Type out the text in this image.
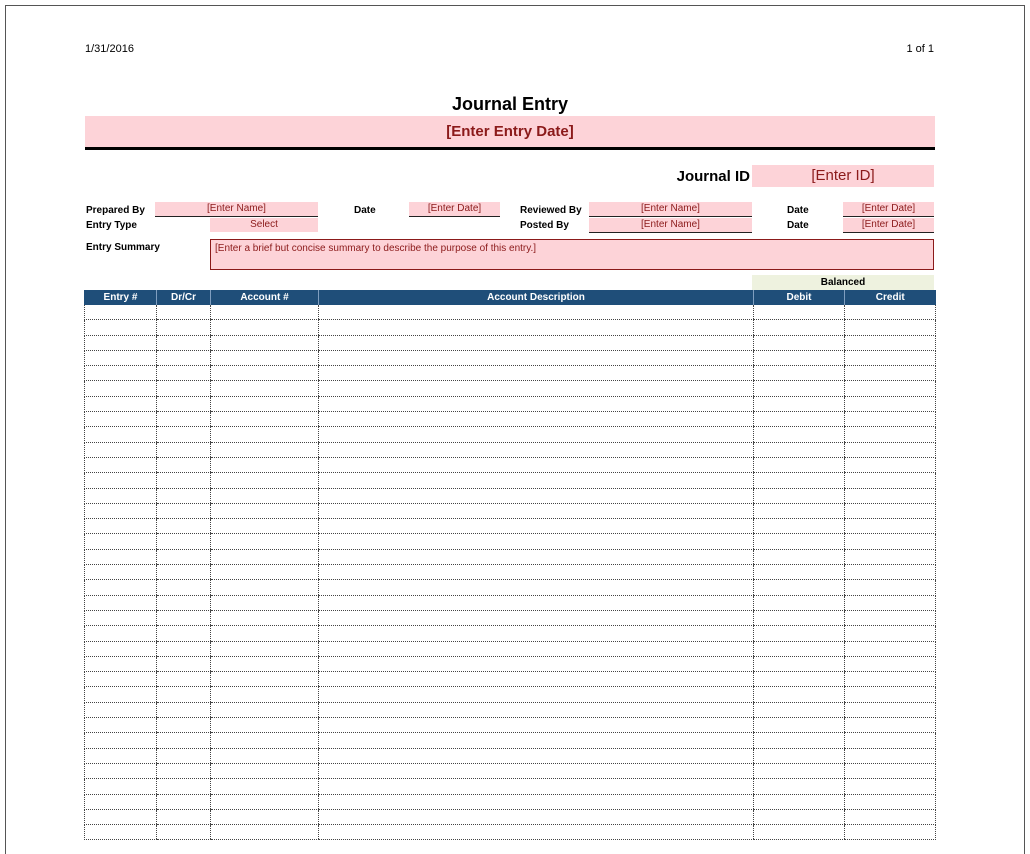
1/31/2016	1 of 1
Journal Entry
[Enter Entry Date]
Journal ID	[Enter ID]
Prepared By	[Enter Name]	Date	[Enter Date]	Reviewed By	[Enter Name]	Date	[Enter Date]
Entry Type	Select	Posted By	[Enter Name]	Date	[Enter Date]
Entry Summary	[Enter a brief but concise summary to describe the purpose of this entry.]
Balanced
Entry #	Dr/Cr	Account #	Account Description	Debit	Credit
